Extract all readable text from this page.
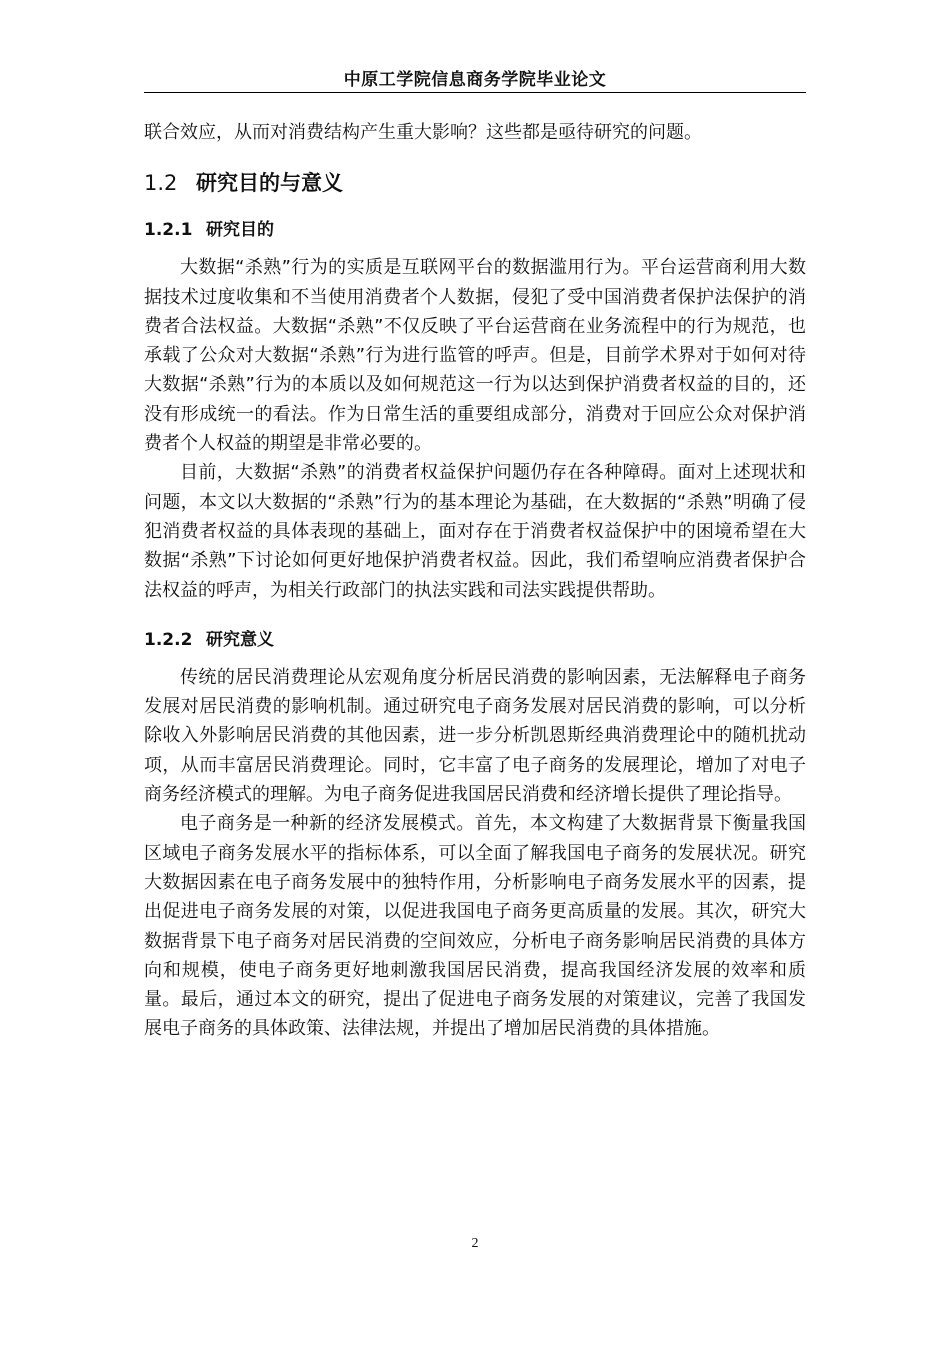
中原工学院信息商务学院毕业论文

联合效应，从而对消费结构产生重大影响？这些都是亟待研究的问题。

1.2 研究目的与意义
1.2.1 研究目的

大数据“杀熟”行为的实质是互联网平台的数据滥用行为。平台运营商利用大数据技术过度收集和不当使用消费者个人数据，侵犯了受中国消费者保护法保护的消费者合法权益。大数据“杀熟”不仅反映了平台运营商在业务流程中的行为规范，也承载了公众对大数据“杀熟”行为进行监管的呼声。但是，目前学术界对于如何对待大数据“杀熟”行为的本质以及如何规范这一行为以达到保护消费者权益的目的，还没有形成统一的看法。作为日常生活的重要组成部分，消费对于回应公众对保护消费者个人权益的期望是非常必要的。

目前，大数据“杀熟”的消费者权益保护问题仍存在各种障碍。面对上述现状和问题，本文以大数据的“杀熟”行为的基本理论为基础，在大数据的“杀熟”明确了侵犯消费者权益的具体表现的基础上，面对存在于消费者权益保护中的困境希望在大数据“杀熟”下讨论如何更好地保护消费者权益。因此，我们希望响应消费者保护合法权益的呼声，为相关行政部门的执法实践和司法实践提供帮助。

1.2.2 研究意义

传统的居民消费理论从宏观角度分析居民消费的影响因素，无法解释电子商务发展对居民消费的影响机制。通过研究电子商务发展对居民消费的影响，可以分析除收入外影响居民消费的其他因素，进一步分析凯恩斯经典消费理论中的随机扰动项，从而丰富居民消费理论。同时，它丰富了电子商务的发展理论，增加了对电子商务经济模式的理解。为电子商务促进我国居民消费和经济增长提供了理论指导。

电子商务是一种新的经济发展模式。首先，本文构建了大数据背景下衡量我国区域电子商务发展水平的指标体系，可以全面了解我国电子商务的发展状况。研究大数据因素在电子商务发展中的独特作用，分析影响电子商务发展水平的因素，提出促进电子商务发展的对策，以促进我国电子商务更高质量的发展。其次，研究大数据背景下电子商务对居民消费的空间效应，分析电子商务影响居民消费的具体方向和规模，使电子商务更好地刺激我国居民消费，提高我国经济发展的效率和质量。最后，通过本文的研究，提出了促进电子商务发展的对策建议，完善了我国发展电子商务的具体政策、法律法规，并提出了增加居民消费的具体措施。

2
